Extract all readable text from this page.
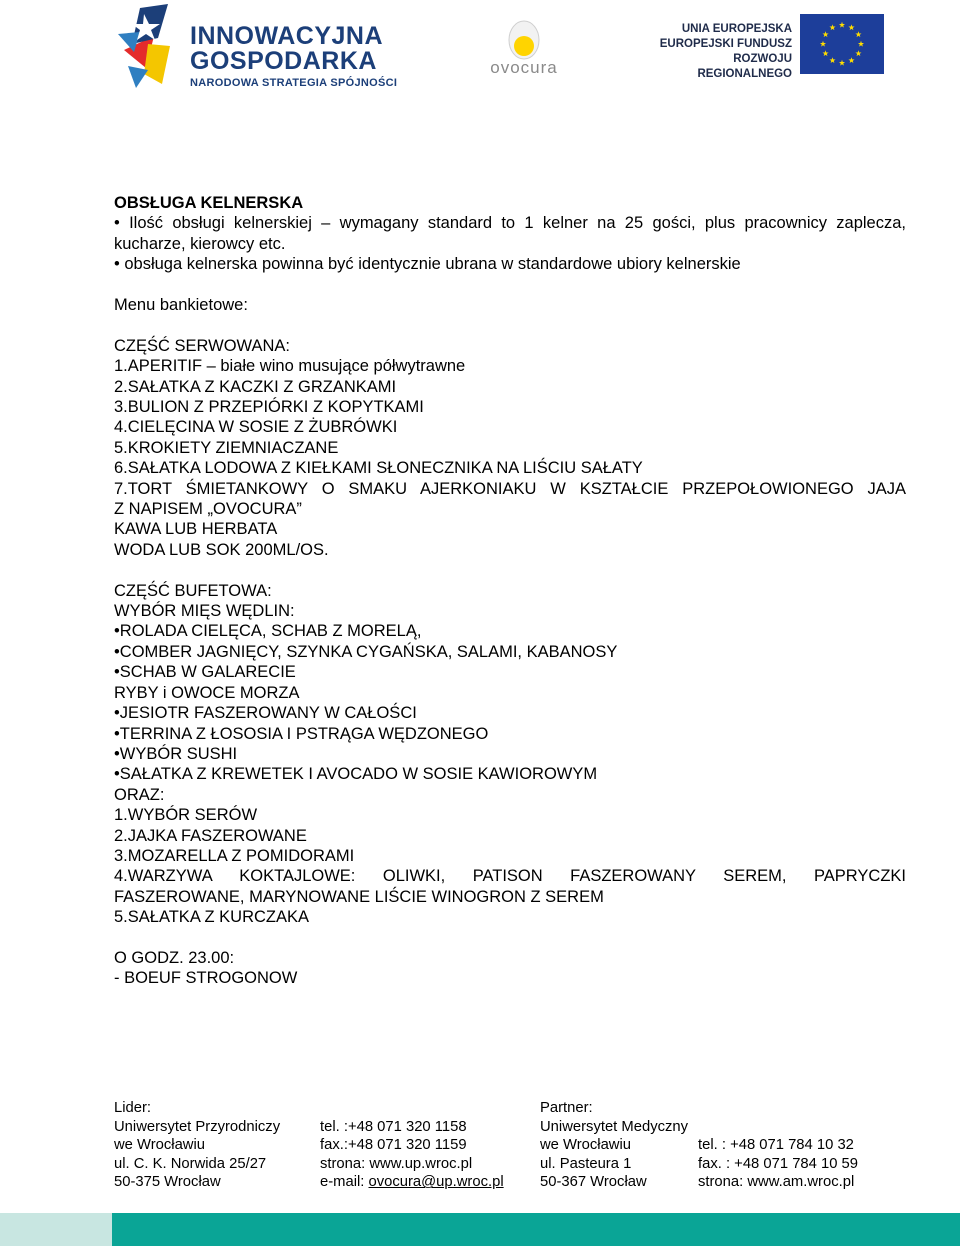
INNOWACYJNA
GOSPODARKA
NARODOWA STRATEGIA SPÓJNOŚCI
ovocura
UNIA EUROPEJSKA
EUROPEJSKI FUNDUSZ
ROZWOJU REGIONALNEGO
OBSŁUGA KELNERSKA
• Ilość obsługi kelnerskiej – wymagany standard to 1 kelner na 25 gości, plus pracownicy zaplecza,
kucharze, kierowcy etc.
• obsługa kelnerska powinna być identycznie ubrana w standardowe ubiory kelnerskie
Menu bankietowe:
CZĘŚĆ SERWOWANA:
1.APERITIF – białe wino musujące półwytrawne
2.SAŁATKA Z KACZKI Z GRZANKAMI
3.BULION Z PRZEPIÓRKI Z KOPYTKAMI
4.CIELĘCINA W SOSIE Z ŻUBRÓWKI
5.KROKIETY ZIEMNIACZANE
6.SAŁATKA LODOWA Z KIEŁKAMI SŁONECZNIKA NA LIŚCIU SAŁATY
7.TORT ŚMIETANKOWY O SMAKU AJERKONIAKU W KSZTAŁCIE PRZEPOŁOWIONEGO JAJA
Z NAPISEM „OVOCURA”
KAWA LUB HERBATA
WODA LUB SOK 200ML/OS.
CZĘŚĆ BUFETOWA:
WYBÓR MIĘS WĘDLIN:
•ROLADA CIELĘCA, SCHAB Z MORELĄ,
•COMBER JAGNIĘCY, SZYNKA CYGAŃSKA, SALAMI, KABANOSY
•SCHAB W GALARECIE
RYBY i OWOCE MORZA
•JESIOTR FASZEROWANY W CAŁOŚCI
•TERRINA Z ŁOSOSIA I PSTRĄGA WĘDZONEGO
•WYBÓR SUSHI
•SAŁATKA Z KREWETEK I AVOCADO W SOSIE KAWIOROWYM
ORAZ:
1.WYBÓR SERÓW
2.JAJKA FASZEROWANE
3.MOZARELLA Z POMIDORAMI
4.WARZYWA KOKTAJLOWE: OLIWKI, PATISON FASZEROWANY SEREM, PAPRYCZKI
FASZEROWANE, MARYNOWANE LIŚCIE WINOGRON Z SEREM
5.SAŁATKA Z KURCZAKA
O GODZ. 23.00:
- BOEUF STROGONOW
Lider:
Uniwersytet Przyrodniczy
we Wrocławiu
ul. C. K. Norwida 25/27
50-375 Wrocław

tel. :+48 071 320 1158
fax.:+48 071 320 1159
strona: www.up.wroc.pl
e-mail: ovocura@up.wroc.pl
Partner:
Uniwersytet Medyczny
we Wrocławiu
ul. Pasteura 1
50-367 Wrocław

tel. : +48 071 784 10 32
fax. : +48 071 784 10 59
strona: www.am.wroc.pl
